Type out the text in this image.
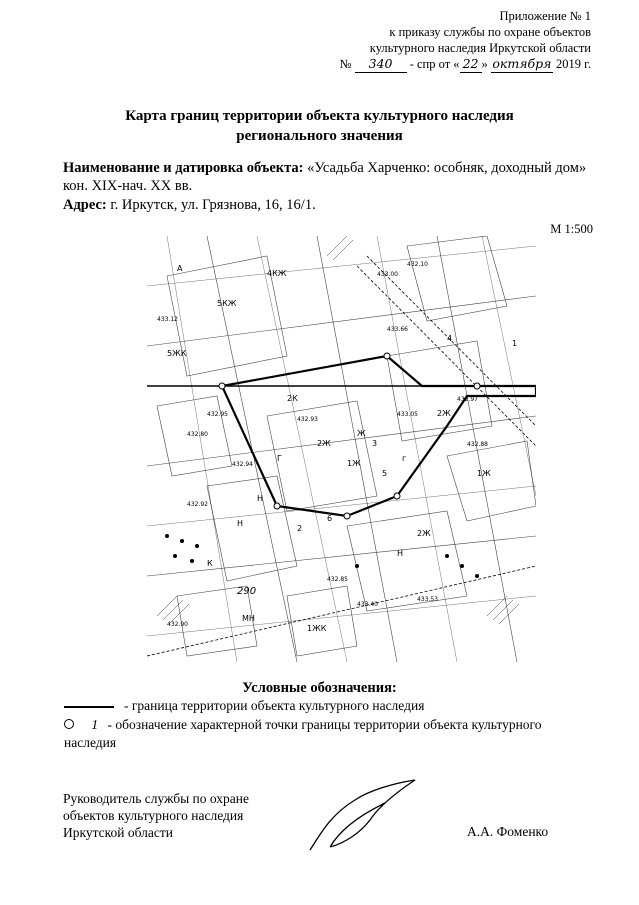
Приложение № 1
к приказу службы по охране объектов
культурного наследия Иркутской области
№ 340 - спр от « 22 » октября 2019 г.
Карта границ территории объекта культурного наследия
регионального значения
Наименование и датировка объекта: «Усадьба Харченко: особняк, доходный дом» кон. XIX-нач. XX вв.
Адрес: г. Иркутск, ул. Грязнова, 16, 16/1.
М 1:500
А
5КЖ
4КЖ
5ЖК
2К
2Ж
1Ж
Ж
Н
2Ж
1Ж
2Ж
Н
Н
К
МН
1ЖК
6
5
3
4
1
2
г
Г
433.12
432.80
432.95
433.00
432.94
432.93
433.05
433.66
432.97
433.40
432.90
432.92
432.10
433.53
432.88
432.85
290
Условные обозначения:
- граница территории объекта культурного наследия
1 - обозначение характерной точки границы территории объекта культурного наследия
Руководитель службы по охране
объектов культурного наследия
Иркутской области	А.А. Фоменко
